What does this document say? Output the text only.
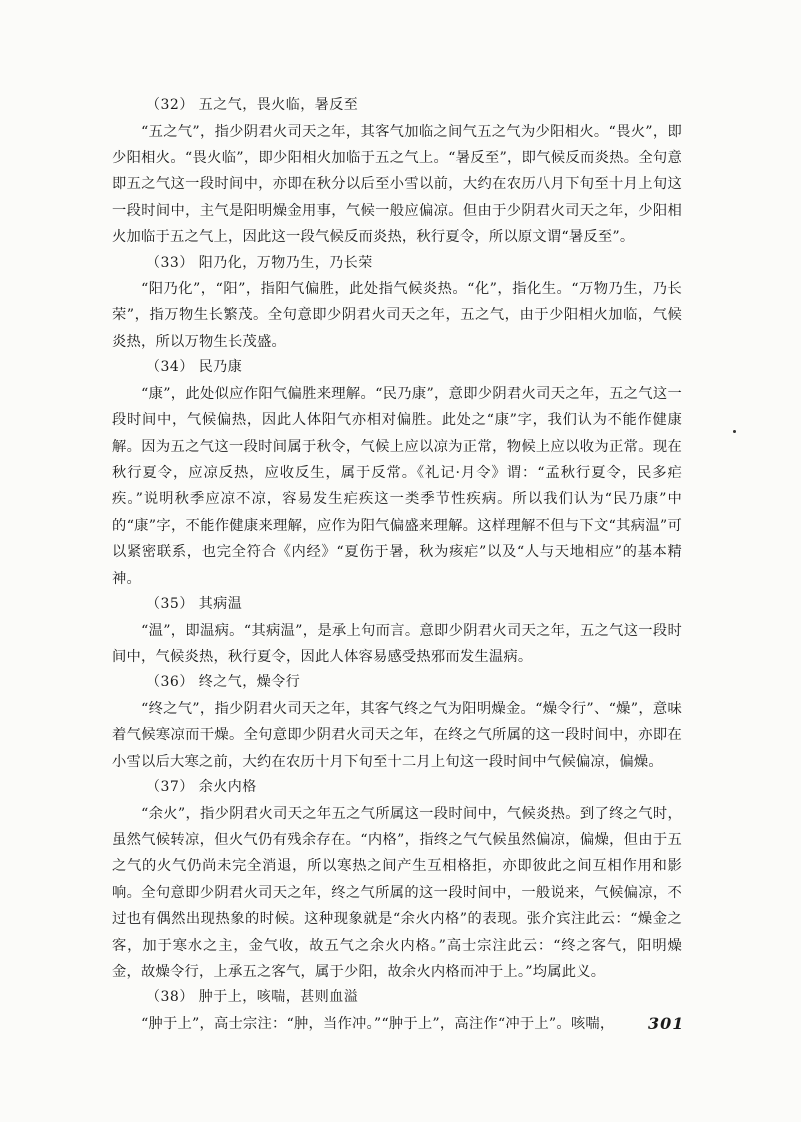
（32） 五之气，畏火临，暑反至

“五之气”，指少阴君火司天之年，其客气加临之间气五之气为少阳相火。“畏火”，即少阳相火。“畏火临”，即少阳相火加临于五之气上。“暑反至”，即气候反而炎热。全句意即五之气这一段时间中，亦即在秋分以后至小雪以前，大约在农历八月下旬至十月上旬这一段时间中，主气是阳明燥金用事，气候一般应偏凉。但由于少阴君火司天之年，少阳相火加临于五之气上，因此这一段气候反而炎热，秋行夏令，所以原文谓“暑反至”。

（33） 阳乃化，万物乃生，乃长荣

“阳乃化”，“阳”，指阳气偏胜，此处指气候炎热。“化”，指化生。“万物乃生，乃长荣”，指万物生长繁茂。全句意即少阴君火司天之年，五之气，由于少阳相火加临，气候炎热，所以万物生长茂盛。

（34） 民乃康

“康”，此处似应作阳气偏胜来理解。“民乃康”，意即少阴君火司天之年，五之气这一段时间中，气候偏热，因此人体阳气亦相对偏胜。此处之“康”字，我们认为不能作健康解。因为五之气这一段时间属于秋令，气候上应以凉为正常，物候上应以收为正常。现在秋行夏令，应凉反热，应收反生，属于反常。《礼记·月令》谓：“孟秋行夏令，民多疟疾。”说明秋季应凉不凉，容易发生疟疾这一类季节性疾病。所以我们认为“民乃康”中的“康”字，不能作健康来理解，应作为阳气偏盛来理解。这样理解不但与下文“其病温”可以紧密联系，也完全符合《内经》“夏伤于暑，秋为痎疟”以及“人与天地相应”的基本精神。

（35） 其病温

“温”，即温病。“其病温”，是承上句而言。意即少阴君火司天之年，五之气这一段时间中，气候炎热，秋行夏令，因此人体容易感受热邪而发生温病。

（36） 终之气，燥令行

“终之气”，指少阴君火司天之年，其客气终之气为阳明燥金。“燥令行”、“燥”，意味着气候寒凉而干燥。全句意即少阴君火司天之年，在终之气所属的这一段时间中，亦即在小雪以后大寒之前，大约在农历十月下旬至十二月上旬这一段时间中气候偏凉，偏燥。

（37） 余火内格

“余火”，指少阴君火司天之年五之气所属这一段时间中，气候炎热。到了终之气时，虽然气候转凉，但火气仍有残余存在。“内格”，指终之气气候虽然偏凉，偏燥，但由于五之气的火气仍尚未完全消退，所以寒热之间产生互相格拒，亦即彼此之间互相作用和影响。全句意即少阴君火司天之年，终之气所属的这一段时间中，一般说来，气候偏凉，不过也有偶然出现热象的时候。这种现象就是“余火内格”的表现。张介宾注此云：“燥金之客，加于寒水之主，金气收，故五气之余火内格。”高士宗注此云：“终之客气，阳明燥金，故燥令行，上承五之客气，属于少阳，故余火内格而冲于上。”均属此义。

（38） 肿于上，咳喘，甚则血溢

“肿于上”，高士宗注：“肿，当作冲。”“肿于上”，高注作“冲于上”。咳喘，	301
